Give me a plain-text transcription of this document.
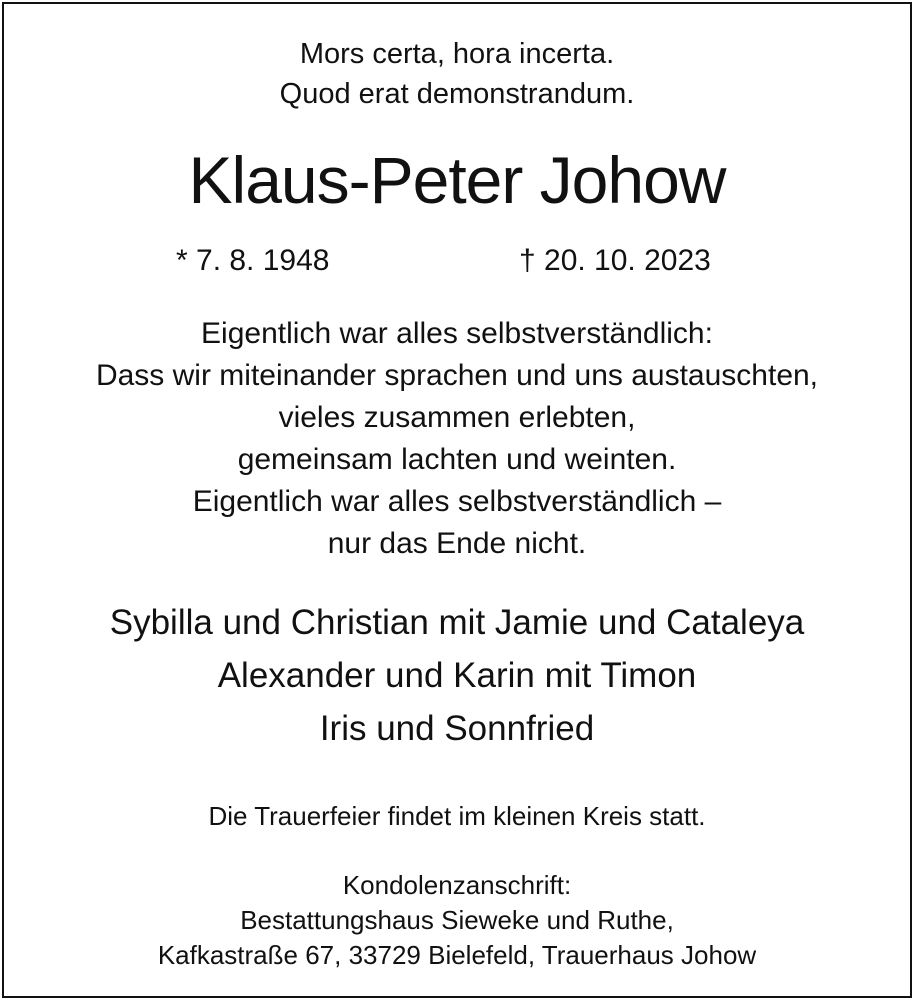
Mors certa, hora incerta.
Quod erat demonstrandum.
Klaus-Peter Johow
* 7. 8. 1948	† 20. 10. 2023
Eigentlich war alles selbstverständlich:
Dass wir miteinander sprachen und uns austauschten,
vieles zusammen erlebten,
gemeinsam lachten und weinten.
Eigentlich war alles selbstverständlich –
nur das Ende nicht.
Sybilla und Christian mit Jamie und Cataleya
Alexander und Karin mit Timon
Iris und Sonnfried
Die Trauerfeier findet im kleinen Kreis statt.
Kondolenzanschrift:
Bestattungshaus Sieweke und Ruthe,
Kafkastraße 67, 33729 Bielefeld, Trauerhaus Johow
